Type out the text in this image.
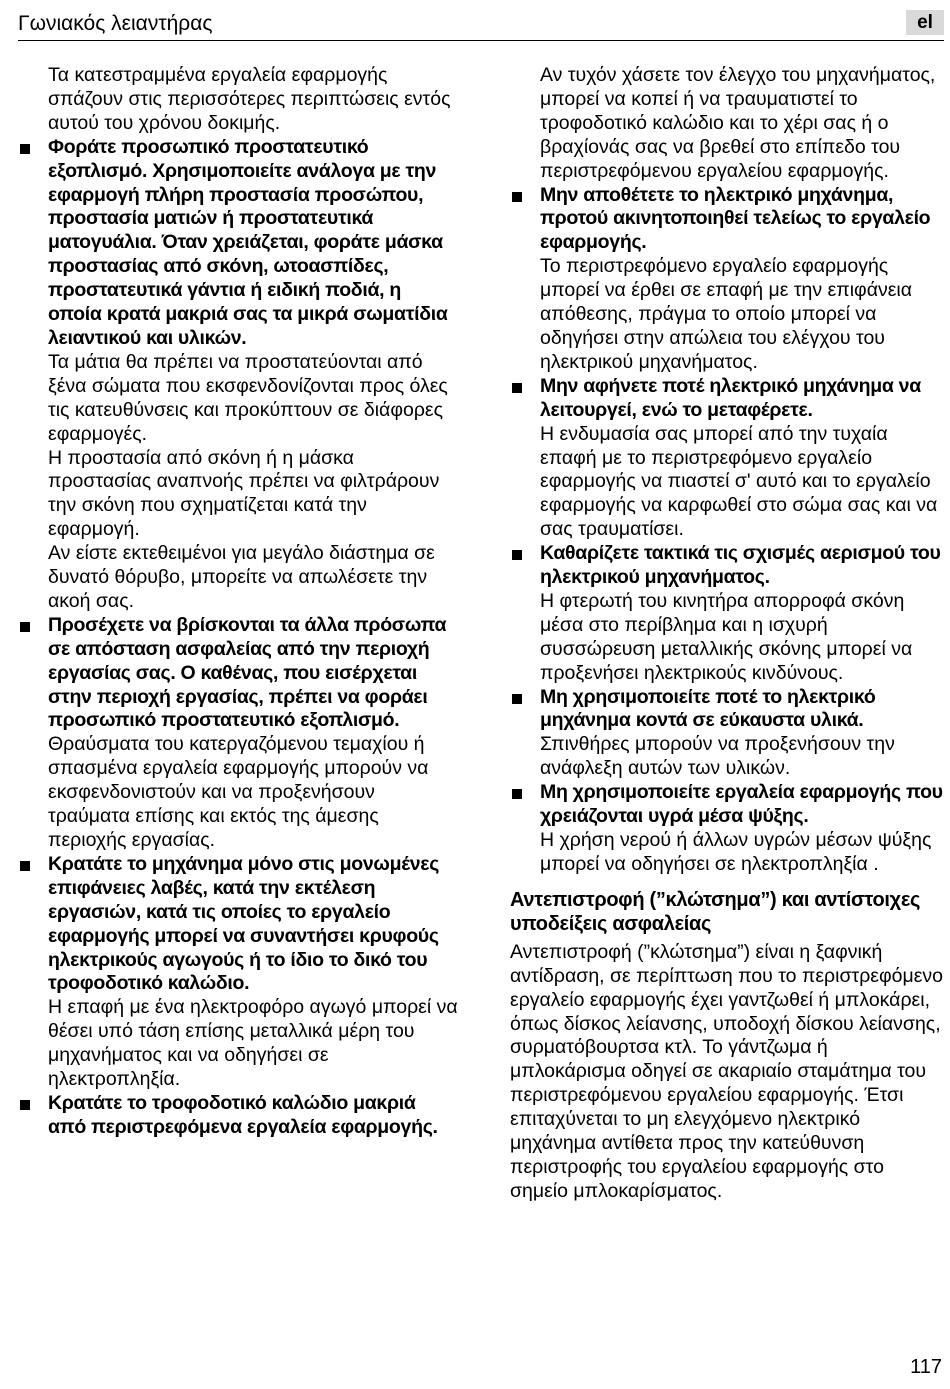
Γωνιακός λειαντήρας	el

Τα κατεστραμμένα εργαλεία εφαρμογής σπάζουν στις περισσότερες περιπτώσεις εντός αυτού του χρόνου δοκιμής.

Φοράτε προσωπικό προστατευτικό εξοπλισμό. Χρησιμοποιείτε ανάλογα με την εφαρμογή πλήρη προστασία προσώπου, προστασία ματιών ή προστατευτικά ματογυάλια. Όταν χρειάζεται, φοράτε μάσκα προστασίας από σκόνη, ωτοασπίδες, προστατευτικά γάντια ή ειδική ποδιά, η οποία κρατά μακριά σας τα μικρά σωματίδια λειαντικού και υλικών.

Τα μάτια θα πρέπει να προστατεύονται από ξένα σώματα που εκσφενδονίζονται προς όλες τις κατευθύνσεις και προκύπτουν σε διάφορες εφαρμογές.

Η προστασία από σκόνη ή η μάσκα προστασίας αναπνοής πρέπει να φιλτράρουν την σκόνη που σχηματίζεται κατά την εφαρμογή.

Αν είστε εκτεθειμένοι για μεγάλο διάστημα σε δυνατό θόρυβο, μπορείτε να απωλέσετε την ακοή σας.

Προσέχετε να βρίσκονται τα άλλα πρόσωπα σε απόσταση ασφαλείας από την περιοχή εργασίας σας. Ο καθένας, που εισέρχεται στην περιοχή εργασίας, πρέπει να φοράει προσωπικό προστατευτικό εξοπλισμό.

Θραύσματα του κατεργαζόμενου τεμαχίου ή σπασμένα εργαλεία εφαρμογής μπορούν να εκσφενδονιστούν και να προξενήσουν τραύματα επίσης και εκτός της άμεσης περιοχής εργασίας.

Κρατάτε το μηχάνημα μόνο στις μονωμένες επιφάνειες λαβές, κατά την εκτέλεση εργασιών, κατά τις οποίες το εργαλείο εφαρμογής μπορεί να συναντήσει κρυφούς ηλεκτρικούς αγωγούς ή το ίδιο το δικό του τροφοδοτικό καλώδιο.

Η επαφή με ένα ηλεκτροφόρο αγωγό μπορεί να θέσει υπό τάση επίσης μεταλλικά μέρη του μηχανήματος και να οδηγήσει σε ηλεκτροπληξία.

Κρατάτε το τροφοδοτικό καλώδιο μακριά από περιστρεφόμενα εργαλεία εφαρμογής.

Αν τυχόν χάσετε τον έλεγχο του μηχανήματος, μπορεί να κοπεί ή να τραυματιστεί το τροφοδοτικό καλώδιο και το χέρι σας ή ο βραχίονάς σας να βρεθεί στο επίπεδο του περιστρεφόμενου εργαλείου εφαρμογής.

Μην αποθέτετε το ηλεκτρικό μηχάνημα, προτού ακινητοποιηθεί τελείως το εργαλείο εφαρμογής.

Το περιστρεφόμενο εργαλείο εφαρμογής μπορεί να έρθει σε επαφή με την επιφάνεια απόθεσης, πράγμα το οποίο μπορεί να οδηγήσει στην απώλεια του ελέγχου του ηλεκτρικού μηχανήματος.

Μην αφήνετε ποτέ ηλεκτρικό μηχάνημα να λειτουργεί, ενώ το μεταφέρετε.

Η ενδυμασία σας μπορεί από την τυχαία επαφή με το περιστρεφόμενο εργαλείο εφαρμογής να πιαστεί σ' αυτό και το εργαλείο εφαρμογής να καρφωθεί στο σώμα σας και να σας τραυματίσει.

Καθαρίζετε τακτικά τις σχισμές αερισμού του ηλεκτρικού μηχανήματος.

Η φτερωτή του κινητήρα απορροφά σκόνη μέσα στο περίβλημα και η ισχυρή συσσώρευση μεταλλικής σκόνης μπορεί να προξενήσει ηλεκτρικούς κινδύνους.

Μη χρησιμοποιείτε ποτέ το ηλεκτρικό μηχάνημα κοντά σε εύκαυστα υλικά.

Σπινθήρες μπορούν να προξενήσουν την ανάφλεξη αυτών των υλικών.

Μη χρησιμοποιείτε εργαλεία εφαρμογής που χρειάζονται υγρά μέσα ψύξης.

Η χρήση νερού ή άλλων υγρών μέσων ψύξης μπορεί να οδηγήσει σε ηλεκτροπληξία .

Αντεπιστροφή (”κλώτσημα”) και αντίστοιχες υποδείξεις ασφαλείας

Αντεπιστροφή (”κλώτσημα”) είναι η ξαφνική αντίδραση, σε περίπτωση που το περιστρεφόμενο εργαλείο εφαρμογής έχει γαντζωθεί ή μπλοκάρει, όπως δίσκος λείανσης, υποδοχή δίσκου λείανσης, συρματόβουρτσα κτλ. Το γάντζωμα ή μπλοκάρισμα οδηγεί σε ακαριαίο σταμάτημα του περιστρεφόμενου εργαλείου εφαρμογής. Έτσι επιταχύνεται το μη ελεγχόμενο ηλεκτρικό μηχάνημα αντίθετα προς την κατεύθυνση περιστροφής του εργαλείου εφαρμογής στο σημείο μπλοκαρίσματος.

117
